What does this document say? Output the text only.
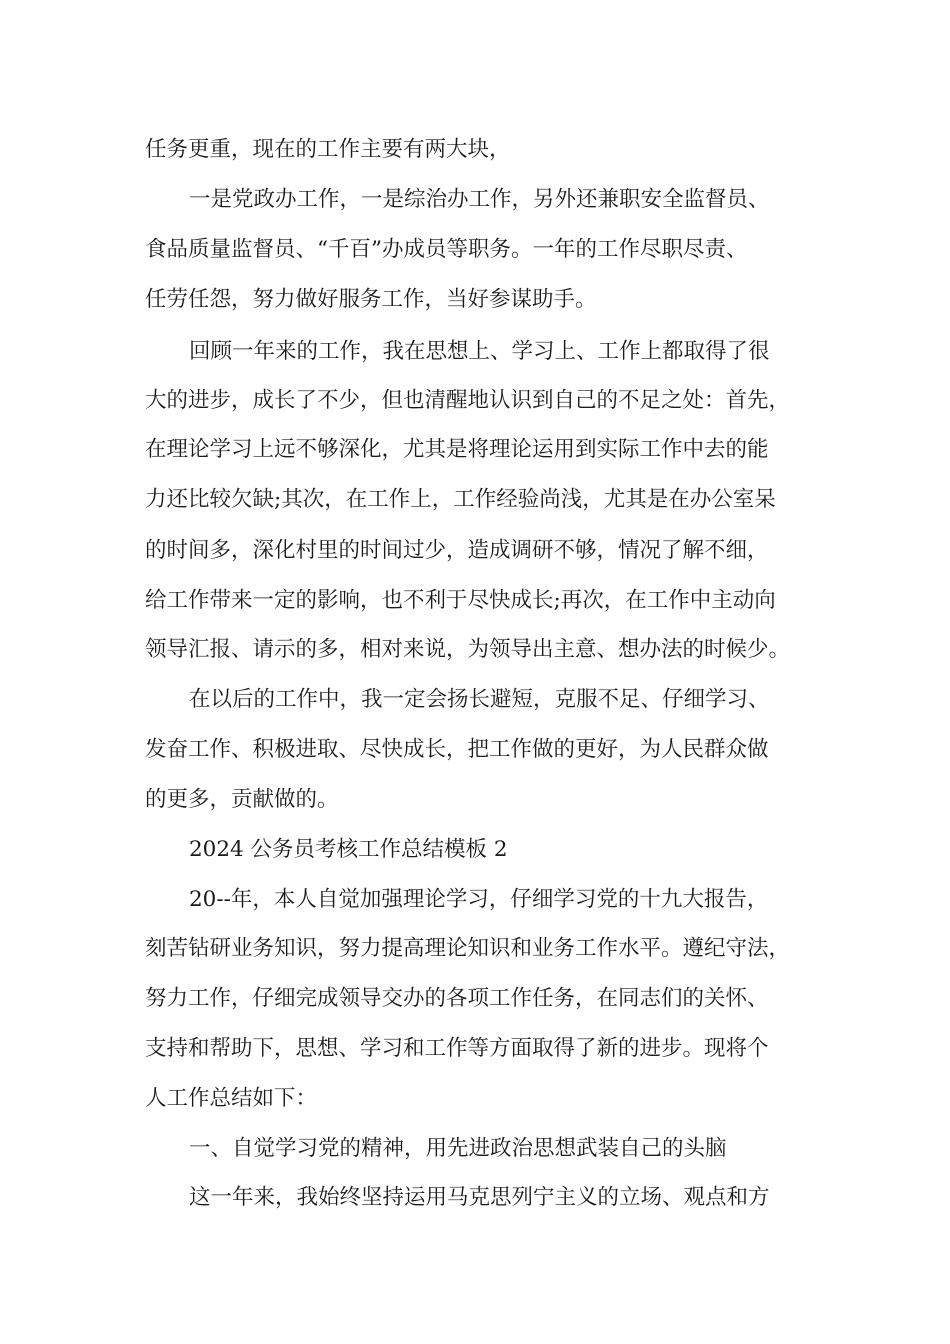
任务更重，现在的工作主要有两大块，

一是党政办工作，一是综治办工作，另外还兼职安全监督员、

食品质量监督员、“千百”办成员等职务。一年的工作尽职尽责、

任劳任怨，努力做好服务工作，当好参谋助手。

回顾一年来的工作，我在思想上、学习上、工作上都取得了很

大的进步，成长了不少，但也清醒地认识到自己的不足之处：首先，

在理论学习上远不够深化，尤其是将理论运用到实际工作中去的能

力还比较欠缺;其次，在工作上，工作经验尚浅，尤其是在办公室呆

的时间多，深化村里的时间过少，造成调研不够，情况了解不细，

给工作带来一定的影响，也不利于尽快成长;再次，在工作中主动向

领导汇报、请示的多，相对来说，为领导出主意、想办法的时候少。

在以后的工作中，我一定会扬长避短，克服不足、仔细学习、

发奋工作、积极进取、尽快成长，把工作做的更好，为人民群众做

的更多，贡献做的。

2024 公务员考核工作总结模板 2

20--年，本人自觉加强理论学习，仔细学习党的十九大报告，

刻苦钻研业务知识，努力提高理论知识和业务工作水平。遵纪守法，

努力工作，仔细完成领导交办的各项工作任务，在同志们的关怀、

支持和帮助下，思想、学习和工作等方面取得了新的进步。现将个

人工作总结如下：

一、自觉学习党的精神，用先进政治思想武装自己的头脑

这一年来，我始终坚持运用马克思列宁主义的立场、观点和方
